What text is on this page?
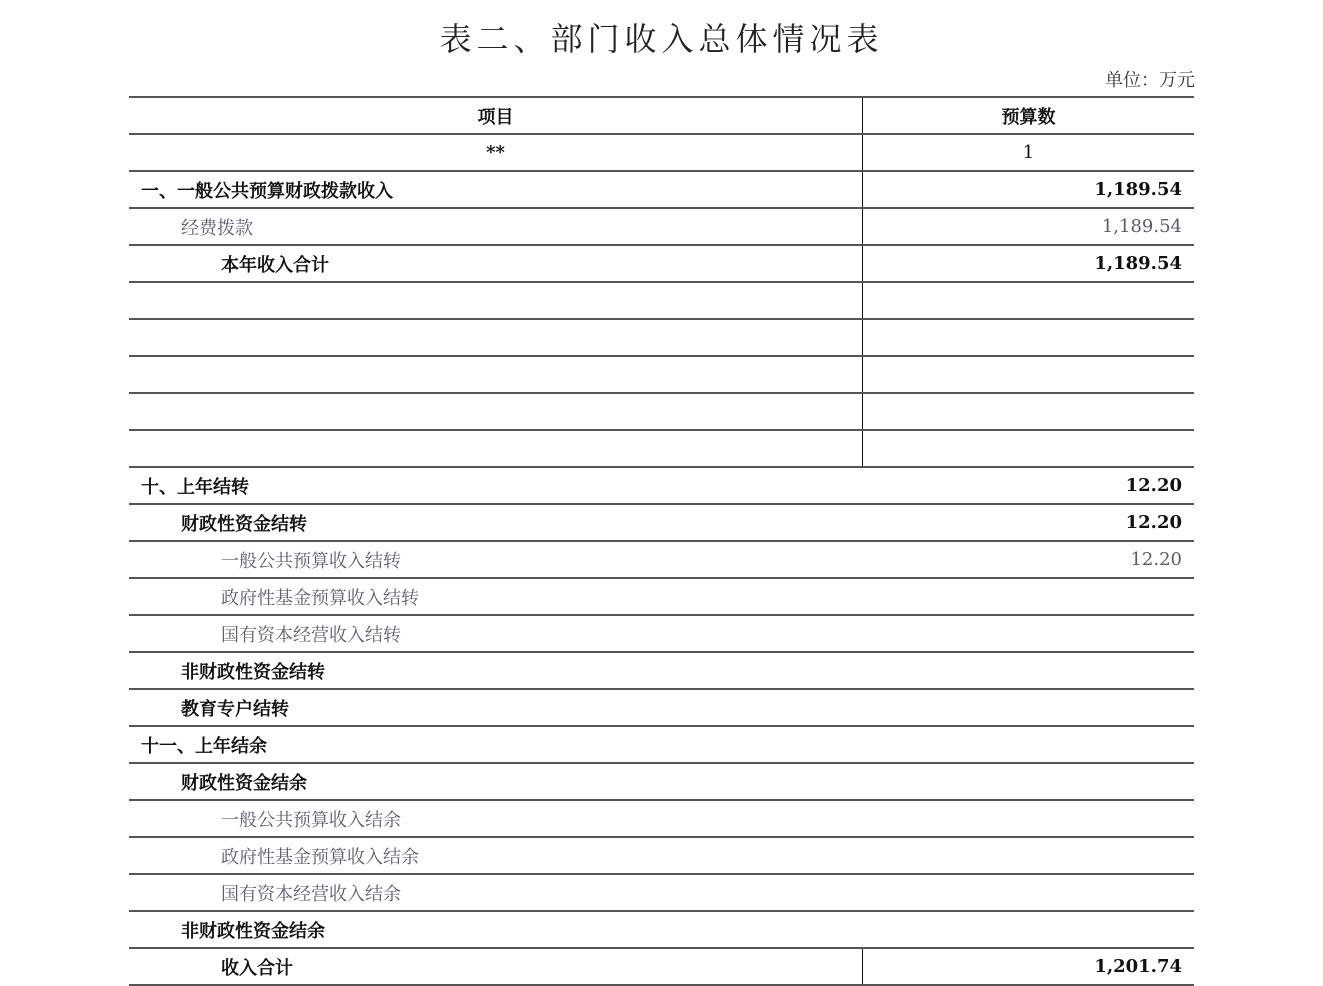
表二、部门收入总体情况表
单位：万元
项目	预算数
**	1
一、一般公共预算财政拨款收入	1,189.54
经费拨款	1,189.54
本年收入合计	1,189.54
十、上年结转	12.20
财政性资金结转	12.20
一般公共预算收入结转	12.20
政府性基金预算收入结转
国有资本经营收入结转
非财政性资金结转
教育专户结转
十一、上年结余
财政性资金结余
一般公共预算收入结余
政府性基金预算收入结余
国有资本经营收入结余
非财政性资金结余
收入合计	1,201.74
